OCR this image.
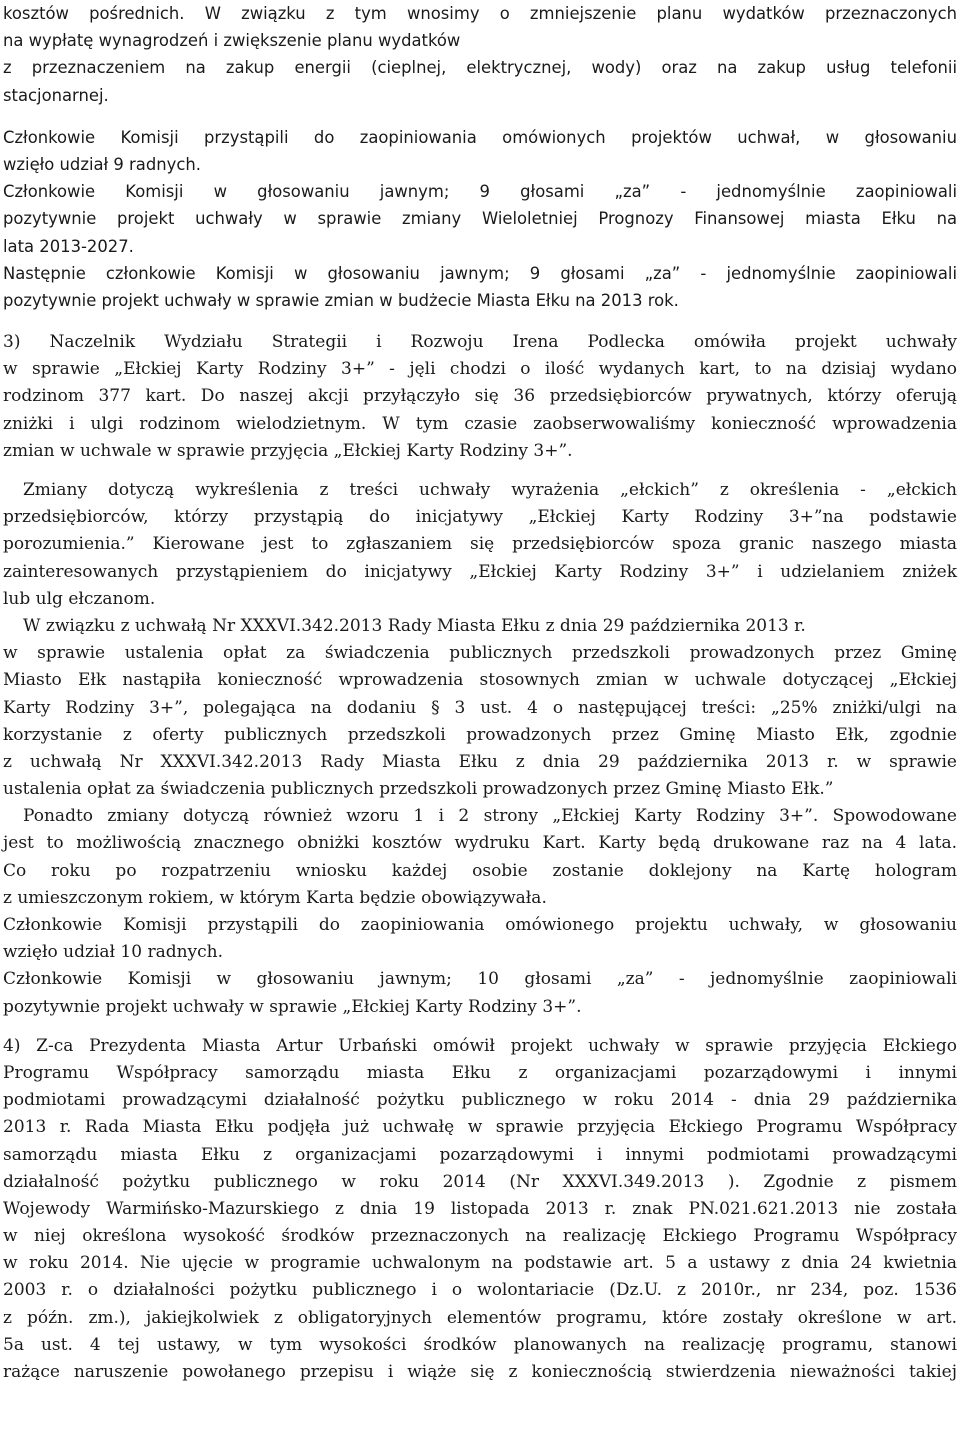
kosztów pośrednich. W związku z tym wnosimy o zmniejszenie planu wydatków przeznaczonych
na wypłatę wynagrodzeń i zwiększenie planu wydatków
z przeznaczeniem na zakup energii (cieplnej, elektrycznej, wody) oraz na zakup usług telefonii
stacjonarnej.
Członkowie Komisji przystąpili do zaopiniowania omówionych projektów uchwał, w głosowaniu
wzięło udział 9 radnych.
Członkowie Komisji w głosowaniu jawnym; 9 głosami „za” - jednomyślnie zaopiniowali
pozytywnie projekt uchwały w sprawie zmiany Wieloletniej Prognozy Finansowej miasta Ełku na
lata 2013-2027.
Następnie członkowie Komisji w głosowaniu jawnym; 9 głosami „za” - jednomyślnie zaopiniowali
pozytywnie projekt uchwały w sprawie zmian w budżecie Miasta Ełku na 2013 rok.
3) Naczelnik Wydziału Strategii i Rozwoju Irena Podlecka omówiła projekt uchwały
w sprawie „Ełckiej Karty Rodziny 3+” - jęli chodzi o ilość wydanych kart, to na dzisiaj wydano
rodzinom 377 kart. Do naszej akcji przyłączyło się 36 przedsiębiorców prywatnych, którzy oferują
zniżki i ulgi rodzinom wielodzietnym. W tym czasie zaobserwowaliśmy konieczność wprowadzenia
zmian w uchwale w sprawie przyjęcia „Ełckiej Karty Rodziny 3+”.
Zmiany dotyczą wykreślenia z treści uchwały wyrażenia „ełckich” z określenia - „ełckich
przedsiębiorców, którzy przystąpią do inicjatywy „Ełckiej Karty Rodziny 3+”na podstawie
porozumienia.” Kierowane jest to zgłaszaniem się przedsiębiorców spoza granic naszego miasta
zainteresowanych przystąpieniem do inicjatywy „Ełckiej Karty Rodziny 3+” i udzielaniem zniżek
lub ulg ełczanom.
W związku z uchwałą Nr XXXVI.342.2013 Rady Miasta Ełku z dnia 29 października 2013 r.
w sprawie ustalenia opłat za świadczenia publicznych przedszkoli prowadzonych przez Gminę
Miasto Ełk nastąpiła konieczność wprowadzenia stosownych zmian w uchwale dotyczącej „Ełckiej
Karty Rodziny 3+”, polegająca na dodaniu § 3 ust. 4 o następującej treści: „25% zniżki/ulgi na
korzystanie z oferty publicznych przedszkoli prowadzonych przez Gminę Miasto Ełk, zgodnie
z uchwałą Nr XXXVI.342.2013 Rady Miasta Ełku z dnia 29 października 2013 r. w sprawie
ustalenia opłat za świadczenia publicznych przedszkoli prowadzonych przez Gminę Miasto Ełk.”
Ponadto zmiany dotyczą również wzoru 1 i 2 strony „Ełckiej Karty Rodziny 3+”. Spowodowane
jest to możliwością znacznego obniżki kosztów wydruku Kart. Karty będą drukowane raz na 4 lata.
Co roku po rozpatrzeniu wniosku każdej osobie zostanie doklejony na Kartę hologram
z umieszczonym rokiem, w którym Karta będzie obowiązywała.
Członkowie Komisji przystąpili do zaopiniowania omówionego projektu uchwały, w głosowaniu
wzięło udział 10 radnych.
Członkowie Komisji w głosowaniu jawnym; 10 głosami „za” - jednomyślnie zaopiniowali
pozytywnie projekt uchwały w sprawie „Ełckiej Karty Rodziny 3+”.
4) Z-ca Prezydenta Miasta Artur Urbański omówił projekt uchwały w sprawie przyjęcia Ełckiego
Programu Współpracy samorządu miasta Ełku z organizacjami pozarządowymi i innymi
podmiotami prowadzącymi działalność pożytku publicznego w roku 2014 - dnia 29 października
2013 r. Rada Miasta Ełku podjęła już uchwałę w sprawie przyjęcia Ełckiego Programu Współpracy
samorządu miasta Ełku z organizacjami pozarządowymi i innymi podmiotami prowadzącymi
działalność pożytku publicznego w roku 2014 (Nr XXXVI.349.2013 ). Zgodnie z pismem
Wojewody Warmińsko-Mazurskiego z dnia 19 listopada 2013 r. znak PN.021.621.2013 nie została
w niej określona wysokość środków przeznaczonych na realizację Ełckiego Programu Współpracy
w roku 2014. Nie ujęcie w programie uchwalonym na podstawie art. 5 a ustawy z dnia 24 kwietnia
2003 r. o działalności pożytku publicznego i o wolontariacie (Dz.U. z 2010r., nr 234, poz. 1536
z późn. zm.), jakiejkolwiek z obligatoryjnych elementów programu, które zostały określone w art.
5a ust. 4 tej ustawy, w tym wysokości środków planowanych na realizację programu, stanowi
rażące naruszenie powołanego przepisu i wiąże się z koniecznością stwierdzenia nieważności takiej
